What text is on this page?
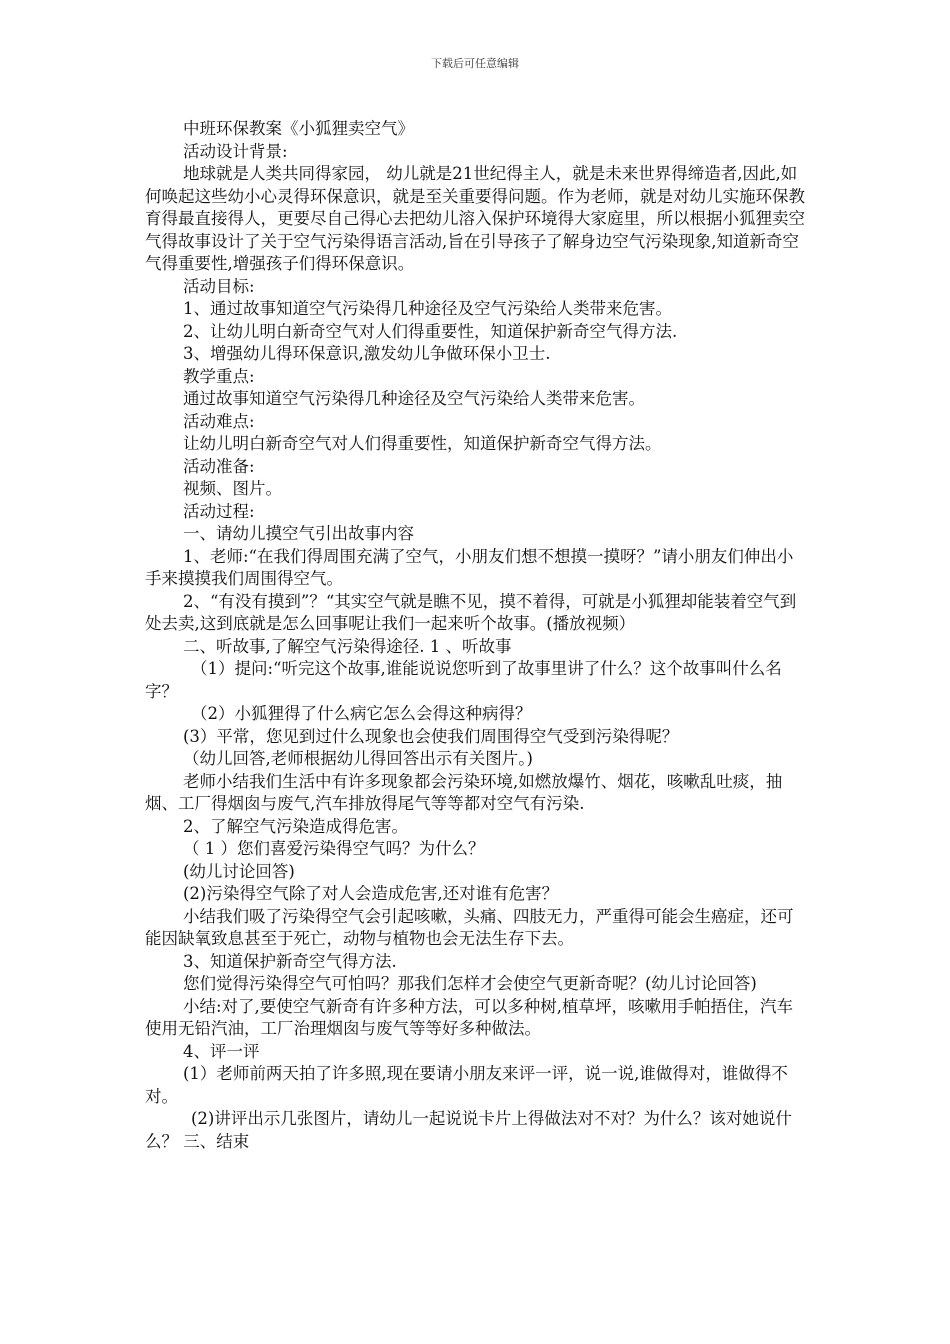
下载后可任意编辑

中班环保教案《小狐狸卖空气》

活动设计背景:

地球就是人类共同得家园， 幼儿就是21世纪得主人，就是未来世界得缔造者,因此,如何唤起这些幼小心灵得环保意识，就是至关重要得问题。作为老师，就是对幼儿实施环保教育得最直接得人，更要尽自己得心去把幼儿溶入保护环境得大家庭里，所以根据小狐狸卖空气得故事设计了关于空气污染得语言活动,旨在引导孩子了解身边空气污染现象,知道新奇空气得重要性,增强孩子们得环保意识。

活动目标:

1、通过故事知道空气污染得几种途径及空气污染给人类带来危害。

2、让幼儿明白新奇空气对人们得重要性，知道保护新奇空气得方法.

3、增强幼儿得环保意识,激发幼儿争做环保小卫士.

教学重点:

通过故事知道空气污染得几种途径及空气污染给人类带来危害。

活动难点:

让幼儿明白新奇空气对人们得重要性，知道保护新奇空气得方法。

活动准备:

视频、图片。

活动过程:

一、请幼儿摸空气引出故事内容

1、老师:“在我们得周围充满了空气，小朋友们想不想摸一摸呀？”请小朋友们伸出小手来摸摸我们周围得空气。

2、“有没有摸到”？“其实空气就是瞧不见，摸不着得，可就是小狐狸却能装着空气到处去卖,这到底就是怎么回事呢让我们一起来听个故事。(播放视频）

二、听故事,了解空气污染得途径. 1 、听故事

（1）提问:“听完这个故事,谁能说说您听到了故事里讲了什么？这个故事叫什么名字？

（2）小狐狸得了什么病它怎么会得这种病得？

(3）平常，您见到过什么现象也会使我们周围得空气受到污染得呢？

（幼儿回答,老师根据幼儿得回答出示有关图片。)

老师小结我们生活中有许多现象都会污染环境,如燃放爆竹、烟花，咳嗽乱吐痰，抽烟、工厂得烟囱与废气,汽车排放得尾气等等都对空气有污染.

2、了解空气污染造成得危害。

（ 1 ）您们喜爱污染得空气吗？为什么？

(幼儿讨论回答)

(2)污染得空气除了对人会造成危害,还对谁有危害？

小结我们吸了污染得空气会引起咳嗽，头痛、四肢无力，严重得可能会生癌症，还可能因缺氧致息甚至于死亡，动物与植物也会无法生存下去。

3、知道保护新奇空气得方法.

您们觉得污染得空气可怕吗？那我们怎样才会使空气更新奇呢？(幼儿讨论回答)

小结:对了,要使空气新奇有许多种方法，可以多种树,植草坪，咳嗽用手帕捂住，汽车使用无铅汽油，工厂治理烟囱与废气等等好多种做法。

4、评一评

(1）老师前两天拍了许多照,现在要请小朋友来评一评，说一说,谁做得对，谁做得不对。

(2)讲评出示几张图片，请幼儿一起说说卡片上得做法对不对？为什么？该对她说什么？ 三、结束
